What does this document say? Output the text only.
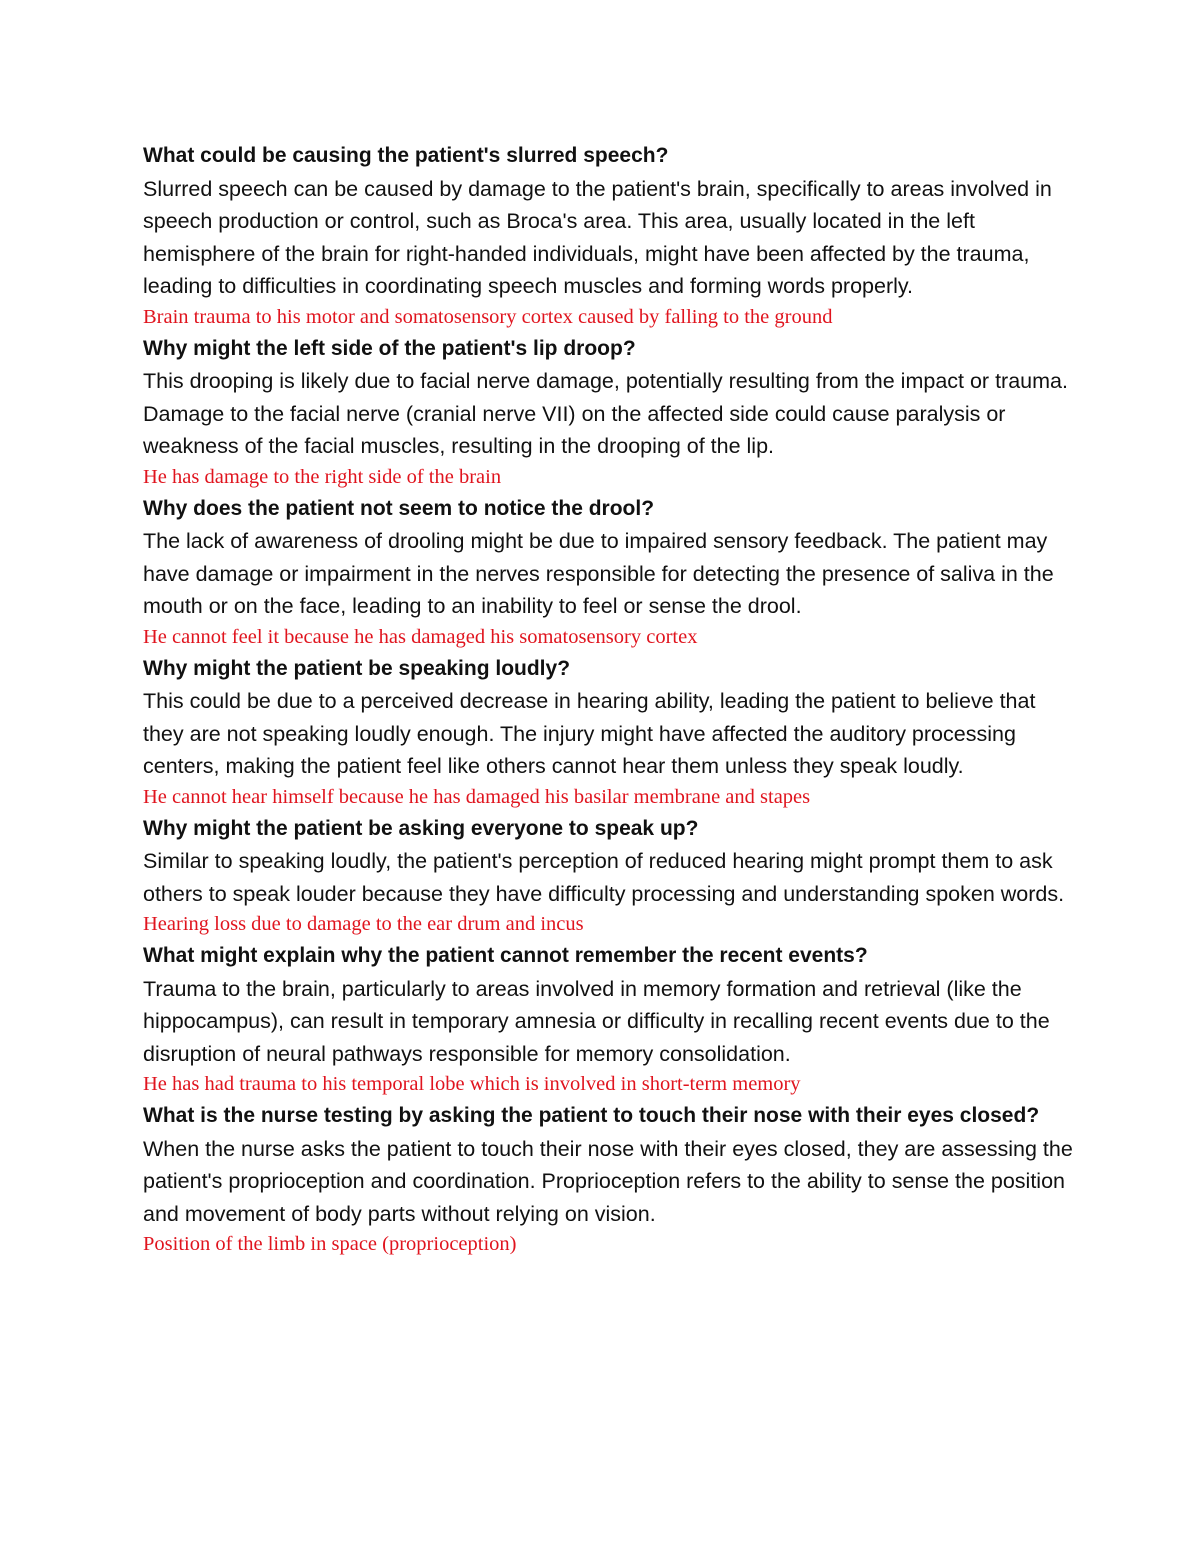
What could be causing the patient's slurred speech?

Slurred speech can be caused by damage to the patient's brain, specifically to areas involved in speech production or control, such as Broca's area. This area, usually located in the left hemisphere of the brain for right-handed individuals, might have been affected by the trauma, leading to difficulties in coordinating speech muscles and forming words properly.

Brain trauma to his motor and somatosensory cortex caused by falling to the ground

Why might the left side of the patient's lip droop?

This drooping is likely due to facial nerve damage, potentially resulting from the impact or trauma. Damage to the facial nerve (cranial nerve VII) on the affected side could cause paralysis or weakness of the facial muscles, resulting in the drooping of the lip.

He has damage to the right side of the brain

Why does the patient not seem to notice the drool?

The lack of awareness of drooling might be due to impaired sensory feedback. The patient may have damage or impairment in the nerves responsible for detecting the presence of saliva in the mouth or on the face, leading to an inability to feel or sense the drool.

He cannot feel it because he has damaged his somatosensory cortex

Why might the patient be speaking loudly?

This could be due to a perceived decrease in hearing ability, leading the patient to believe that they are not speaking loudly enough. The injury might have affected the auditory processing centers, making the patient feel like others cannot hear them unless they speak loudly.

He cannot hear himself because he has damaged his basilar membrane and stapes

Why might the patient be asking everyone to speak up?

Similar to speaking loudly, the patient's perception of reduced hearing might prompt them to ask others to speak louder because they have difficulty processing and understanding spoken words.

Hearing loss due to damage to the ear drum and incus

What might explain why the patient cannot remember the recent events?

Trauma to the brain, particularly to areas involved in memory formation and retrieval (like the hippocampus), can result in temporary amnesia or difficulty in recalling recent events due to the disruption of neural pathways responsible for memory consolidation.

He has had trauma to his temporal lobe which is involved in short-term memory

What is the nurse testing by asking the patient to touch their nose with their eyes closed?

When the nurse asks the patient to touch their nose with their eyes closed, they are assessing the patient's proprioception and coordination. Proprioception refers to the ability to sense the position and movement of body parts without relying on vision.

Position of the limb in space (proprioception)
